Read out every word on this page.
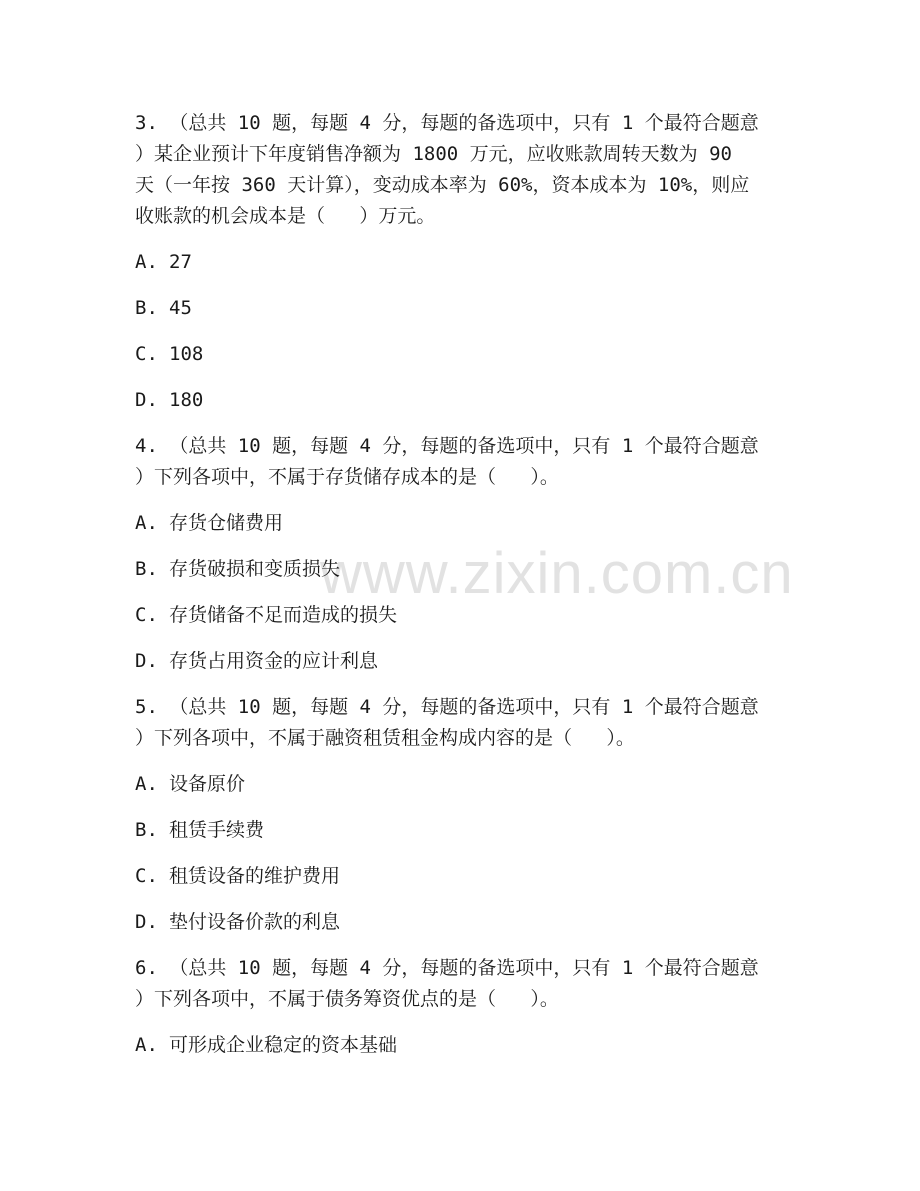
www.zixin.com.cn
3. （总共 10 题，每题 4 分，每题的备选项中，只有 1 个最符合题意
）某企业预计下年度销售净额为 1800 万元，应收账款周转天数为 90
天（一年按 360 天计算），变动成本率为 60%，资本成本为 10%，则应
收账款的机会成本是（   ）万元。
A. 27
B. 45
C. 108
D. 180
4. （总共 10 题，每题 4 分，每题的备选项中，只有 1 个最符合题意
）下列各项中，不属于存货储存成本的是（   ）。
A. 存货仓储费用
B. 存货破损和变质损失
C. 存货储备不足而造成的损失
D. 存货占用资金的应计利息
5. （总共 10 题，每题 4 分，每题的备选项中，只有 1 个最符合题意
）下列各项中，不属于融资租赁租金构成内容的是（   ）。
A. 设备原价
B. 租赁手续费
C. 租赁设备的维护费用
D. 垫付设备价款的利息
6. （总共 10 题，每题 4 分，每题的备选项中，只有 1 个最符合题意
）下列各项中，不属于债务筹资优点的是（   ）。
A. 可形成企业稳定的资本基础
